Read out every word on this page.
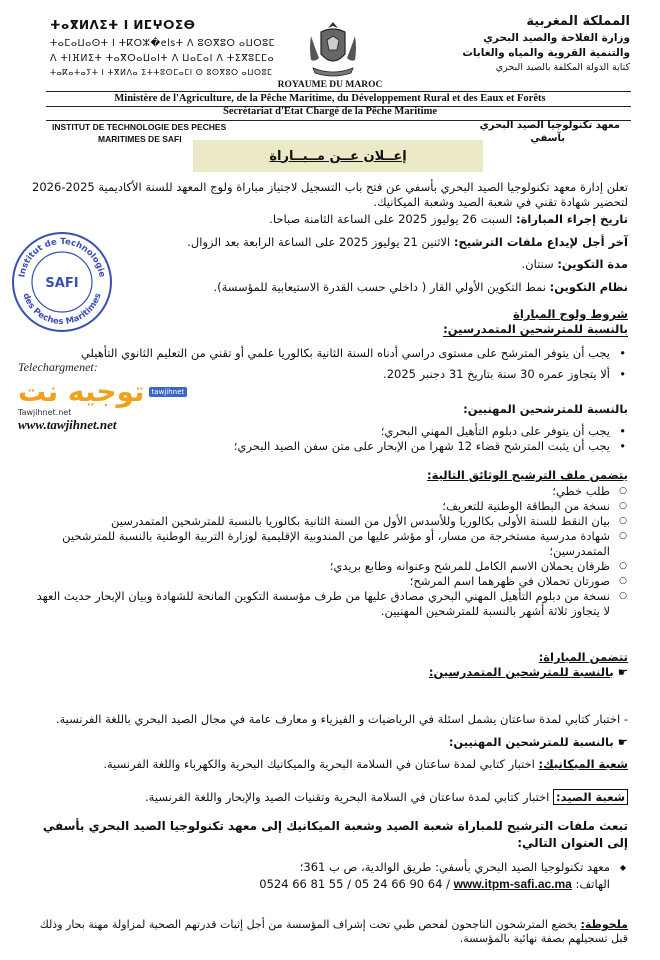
ⵜⴰⴳⵍⴷⵉⵜ ⵏ ⵍⵎⵖⵔⵉⴱ
ⵜⴰⵎⴰⵡⴰⵙⵜ ⵏ ⵜⴽⵔⵣ�elsⵜ ⴷ ⵓⵙⴳⵓⵔ ⴰⵡⵔⵓⵎ
ⴷ ⵜⵏⴼⵍⵉⵜ ⵜⴰⴳⵔⴰⵡⴰⵏⵜ ⴷ ⵡⴰⵎⴰⵏ ⴷ ⵜⵉⴳⵓⵎⵎⴰ
ⵜⴰⴽⴰⵜⴰⵢⵜ ⵏ ⵜⴳⵍⴷⴰ ⵉⵜⵜⵓⵙⵎⴰⵎⵏ ⵙ ⵓⵙⴳⵓⵔ ⴰⵡⵔⵓⵎ
المملكة المغربية
وزارة الفلاحة والصيد البحري
والتنمية القروية والمياه والغابات
كتابة الدولة المكلفة بالصيد البحري
ROYAUME DU MAROC
Ministère de l'Agriculture, de la Pêche Maritime, du Développement Rural et des Eaux et Forêts
Secrétariat d'Etat Chargé de la Pêche Maritime
INSTITUT DE TECHNOLOGIE DES PECHES
MARITIMES DE SAFI
معهد تكنولوجيا الصيد البحري
بآسفي
إعــلان عــن مــبــاراة
تعلن إدارة معهد تكنولوجيا الصيد البحري بأسفي عن فتح باب التسجيل لاجتياز مباراة ولوج المعهد للسنة الأكاديمية 2025-2026 لتحضير شهادة تقني في شعبة الصيد وشعبة الميكانيك.
تاريخ إجراء المباراة: السبت 26 يوليوز 2025 على الساعة الثامنة صباحا.
آخر أجل لإيداع ملفات الترشيح: الاثنين 21 يوليوز 2025 على الساعة الرابعة بعد الزوال.
مدة التكوين: سنتان.
نظام التكوين: نمط التكوين الأولي القار ( داخلي حسب القدرة الاستيعابية للمؤسسة).
Institut de Technologie
des Peches Maritimes
SAFI
Telechargmenet:
توجيه نت	tawjihnet
Tawjihnet.net
www.tawjihnet.net
شروط ولوج المباراة
بالنسبة للمترشحين المتمدرسين:
• يجب أن يتوفر المترشح على مستوى دراسي أدناه السنة الثانية بكالوريا علمي أو تقني من التعليم الثانوي التأهيلي
• ألا يتجاوز عمره 30 سنة بتاريخ 31 دجنبر 2025.
بالنسبة للمترشحين المهنيين:
• يجب أن يتوفر على دبلوم التأهيل المهني البحري؛
• يجب أن يثبت المترشح قضاء 12 شهرا من الإبحار على متن سفن الصيد البحري؛
يتضمن ملف الترشيح الوثائق التالية:
○ طلب خطي؛
○ نسخة من البطاقة الوطنية للتعريف؛
○ بيان النقط للسنة الأولى بكالوريا وللأسدس الأول من السنة الثانية بكالوريا بالنسبة للمترشحين المتمدرسين
○ شهادة مدرسية مستخرجة من مسار، أو مؤشر عليها من المندوبية الإقليمية لوزارة التربية الوطنية بالنسبة للمترشحين المتمدرسين؛
○ ظرفان يحملان الاسم الكامل للمرشح وعنوانه وطابع بريدي؛
○ صورتان تحملان في ظهرهما اسم المرشح؛
○ نسخة من دبلوم التأهيل المهني البحري مصادق عليها من طرف مؤسسة التكوين المانحة للشهادة وبيان الإبحار حديث العهد لا يتجاوز ثلاثة أشهر بالنسبة للمترشحين المهنيين.
تتضمن المباراة:
☛ بالنسبة للمترشحين المتمدرسين:
- اختبار كتابي لمدة ساعتان يشمل اسئلة في الرياضيات و الفيزياء و معارف عامة في مجال الصيد البحري باللغة الفرنسية.
☛ بالنسبة للمترشحين المهنيين:
شعبة الميكانيك: اختبار كتابي لمدة ساعتان في السلامة البحرية والميكانيك البحرية والكهرباء واللغة الفرنسية.
شعبة الصيد: اختبار كتابي لمدة ساعتان في السلامة البحرية وتقنيات الصيد والإبحار واللغة الفرنسية.
تبعث ملفات الترشيح للمباراة شعبة الصيد وشعبة الميكانيك إلى معهد تكنولوجيا الصيد البحري بأسفي إلى العنوان التالي:
◆ معهد تكنولوجيا الصيد البحري بأسفي: طريق الوالدية، ص ب 361؛
الهاتف: 0524 66 81 55 / 05 24 66 90 64 / www.itpm-safi.ac.ma
ملحوظة: يخضع المترشحون الناجحون لفحص طبي تحت إشراف المؤسسة من أجل إثبات قدرتهم الصحية لمزاولة مهنة بحار وذلك قبل تسجيلهم بصفة نهائية بالمؤسسة.
